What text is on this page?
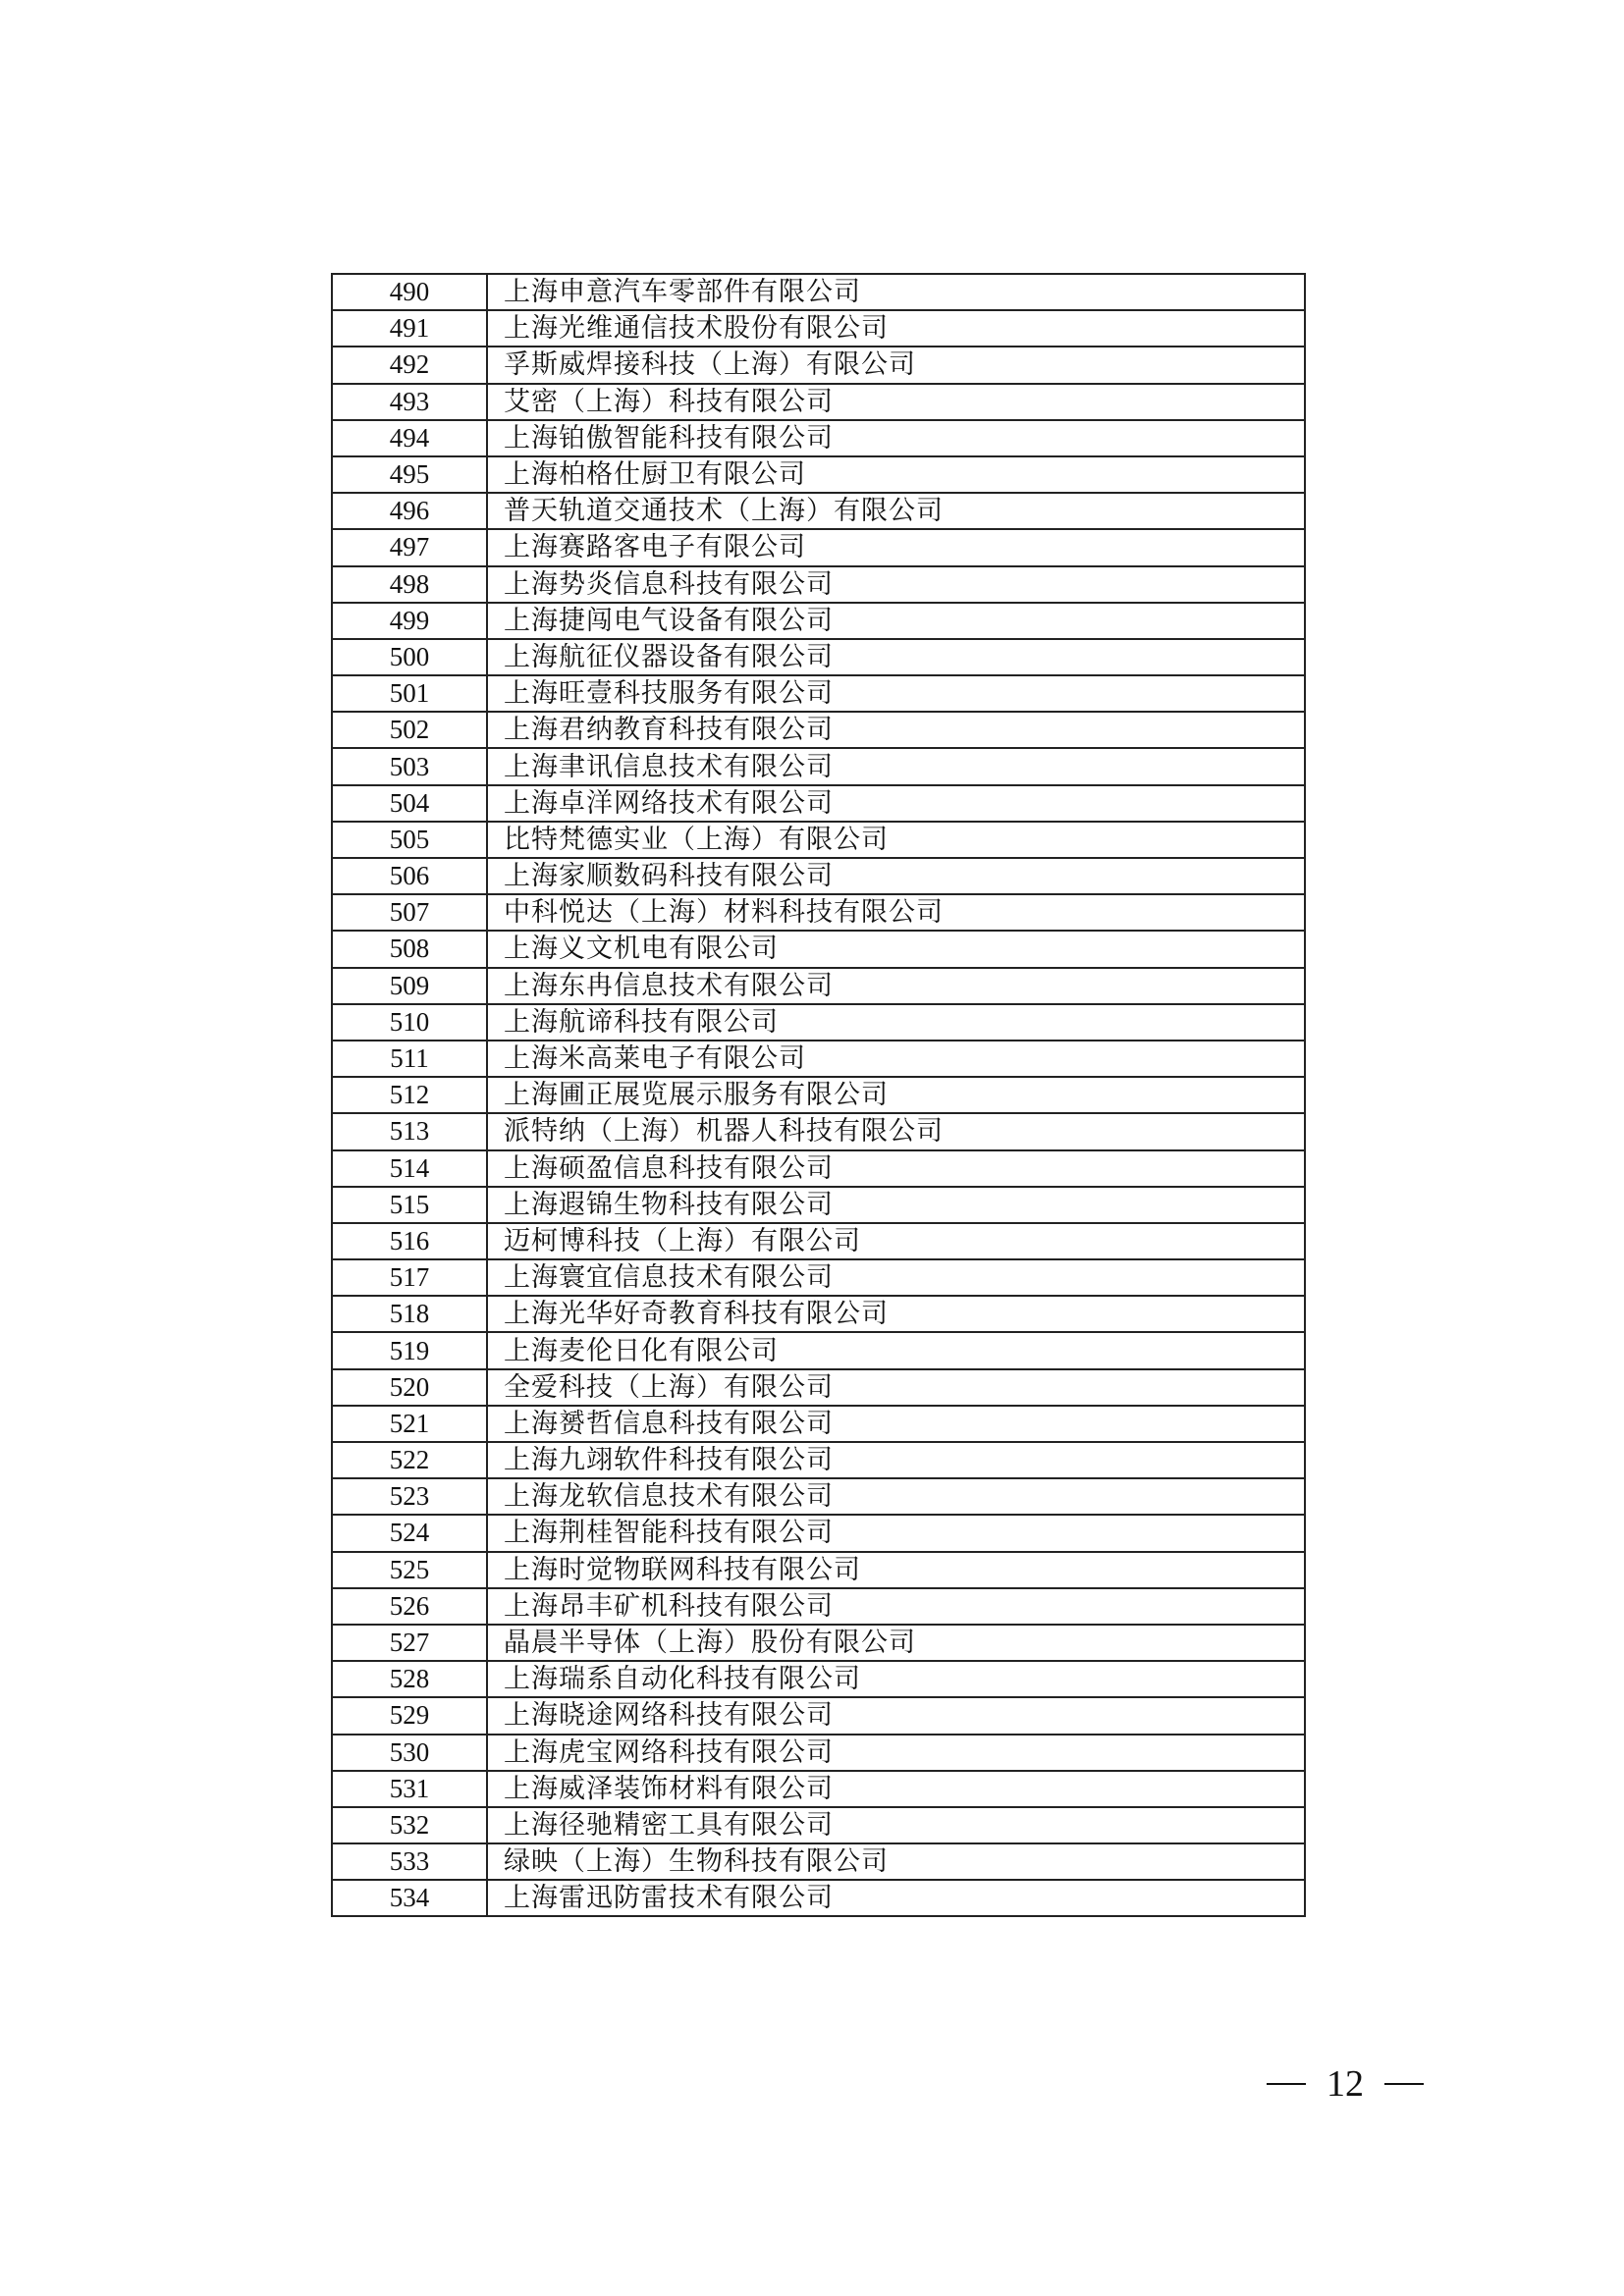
490	上海申意汽车零部件有限公司
491	上海光维通信技术股份有限公司
492	孚斯威焊接科技（上海）有限公司
493	艾密（上海）科技有限公司
494	上海铂傲智能科技有限公司
495	上海柏格仕厨卫有限公司
496	普天轨道交通技术（上海）有限公司
497	上海赛路客电子有限公司
498	上海势炎信息科技有限公司
499	上海捷闯电气设备有限公司
500	上海航征仪器设备有限公司
501	上海旺壹科技服务有限公司
502	上海君纳教育科技有限公司
503	上海聿讯信息技术有限公司
504	上海卓洋网络技术有限公司
505	比特梵德实业（上海）有限公司
506	上海家顺数码科技有限公司
507	中科悦达（上海）材料科技有限公司
508	上海义文机电有限公司
509	上海东冉信息技术有限公司
510	上海航谛科技有限公司
511	上海米高莱电子有限公司
512	上海圃正展览展示服务有限公司
513	派特纳（上海）机器人科技有限公司
514	上海硕盈信息科技有限公司
515	上海遐锦生物科技有限公司
516	迈柯博科技（上海）有限公司
517	上海寰宜信息技术有限公司
518	上海光华好奇教育科技有限公司
519	上海麦伦日化有限公司
520	全爱科技（上海）有限公司
521	上海赟哲信息科技有限公司
522	上海九翊软件科技有限公司
523	上海龙软信息技术有限公司
524	上海荆桂智能科技有限公司
525	上海时觉物联网科技有限公司
526	上海昂丰矿机科技有限公司
527	晶晨半导体（上海）股份有限公司
528	上海瑞系自动化科技有限公司
529	上海晓途网络科技有限公司
530	上海虎宝网络科技有限公司
531	上海威泽装饰材料有限公司
532	上海径驰精密工具有限公司
533	绿映（上海）生物科技有限公司
534	上海雷迅防雷技术有限公司
12
